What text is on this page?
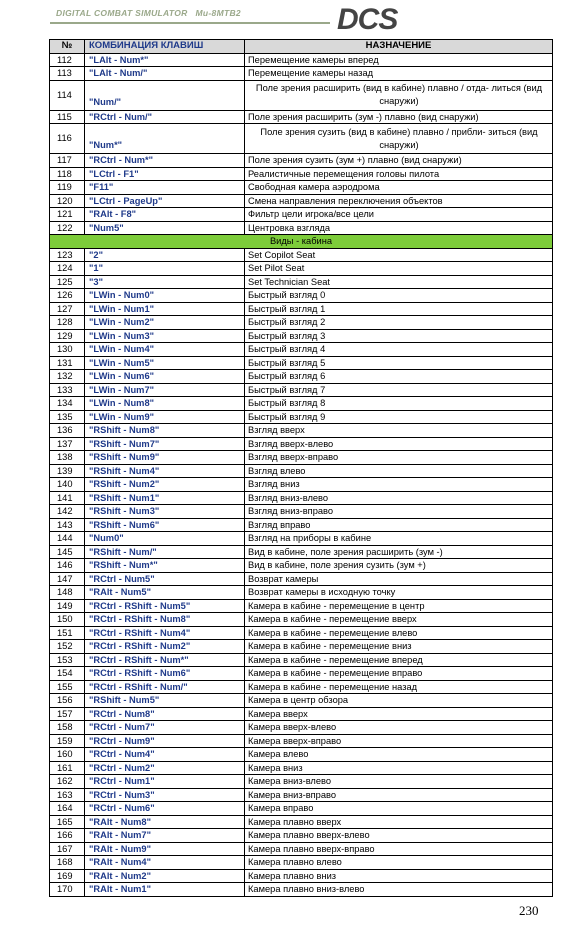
DIGITAL COMBAT SIMULATOR Ми-8МТВ2	DCS
№	КОМБИНАЦИЯ КЛАВИШ	НАЗНАЧЕНИЕ
112	"LAlt - Num*"	Перемещение камеры вперед
113	"LAlt - Num/"	Перемещение камеры назад
114	"Num/"	Поле зрения расширить (вид в кабине) плавно / отда- литься (вид снаружи)
115	"RCtrl - Num/"	Поле зрения расширить (зум -) плавно (вид снаружи)
116	"Num*"	Поле зрения сузить (вид в кабине) плавно / прибли- зиться (вид снаружи)
117	"RCtrl - Num*"	Поле зрения сузить (зум +) плавно (вид снаружи)
118	"LCtrl - F1"	Реалистичные перемещения головы пилота
119	"F11"	Свободная камера аэродрома
120	"LCtrl - PageUp"	Смена направления переключения объектов
121	"RAlt - F8"	Фильтр цели игрока/все цели
122	"Num5"	Центровка взгляда
Виды - кабина		
123	"2"	Set Copilot Seat
124	"1"	Set Pilot Seat
125	"3"	Set Technician Seat
126	"LWin - Num0"	Быстрый взгляд 0
127	"LWin - Num1"	Быстрый взгляд 1
128	"LWin - Num2"	Быстрый взгляд 2
129	"LWin - Num3"	Быстрый взгляд 3
130	"LWin - Num4"	Быстрый взгляд 4
131	"LWin - Num5"	Быстрый взгляд 5
132	"LWin - Num6"	Быстрый взгляд 6
133	"LWin - Num7"	Быстрый взгляд 7
134	"LWin - Num8"	Быстрый взгляд 8
135	"LWin - Num9"	Быстрый взгляд 9
136	"RShift - Num8"	Взгляд вверх
137	"RShift - Num7"	Взгляд вверх-влево
138	"RShift - Num9"	Взгляд вверх-вправо
139	"RShift - Num4"	Взгляд влево
140	"RShift - Num2"	Взгляд вниз
141	"RShift - Num1"	Взгляд вниз-влево
142	"RShift - Num3"	Взгляд вниз-вправо
143	"RShift - Num6"	Взгляд вправо
144	"Num0"	Взгляд на приборы в кабине
145	"RShift - Num/"	Вид в кабине, поле зрения расширить (зум -)
146	"RShift - Num*"	Вид в кабине, поле зрения сузить (зум +)
147	"RCtrl - Num5"	Возврат камеры
148	"RAlt - Num5"	Возврат камеры в исходную точку
149	"RCtrl - RShift - Num5"	Камера в кабине - перемещение в центр
150	"RCtrl - RShift - Num8"	Камера в кабине - перемещение вверх
151	"RCtrl - RShift - Num4"	Камера в кабине - перемещение влево
152	"RCtrl - RShift - Num2"	Камера в кабине - перемещение вниз
153	"RCtrl - RShift - Num*"	Камера в кабине - перемещение вперед
154	"RCtrl - RShift - Num6"	Камера в кабине - перемещение вправо
155	"RCtrl - RShift - Num/"	Камера в кабине - перемещение назад
156	"RShift - Num5"	Камера в центр обзора
157	"RCtrl - Num8"	Камера вверх
158	"RCtrl - Num7"	Камера вверх-влево
159	"RCtrl - Num9"	Камера вверх-вправо
160	"RCtrl - Num4"	Камера влево
161	"RCtrl - Num2"	Камера вниз
162	"RCtrl - Num1"	Камера вниз-влево
163	"RCtrl - Num3"	Камера вниз-вправо
164	"RCtrl - Num6"	Камера вправо
165	"RAlt - Num8"	Камера плавно вверх
166	"RAlt - Num7"	Камера плавно вверх-влево
167	"RAlt - Num9"	Камера плавно вверх-вправо
168	"RAlt - Num4"	Камера плавно влево
169	"RAlt - Num2"	Камера плавно вниз
170	"RAlt - Num1"	Камера плавно вниз-влево
230
